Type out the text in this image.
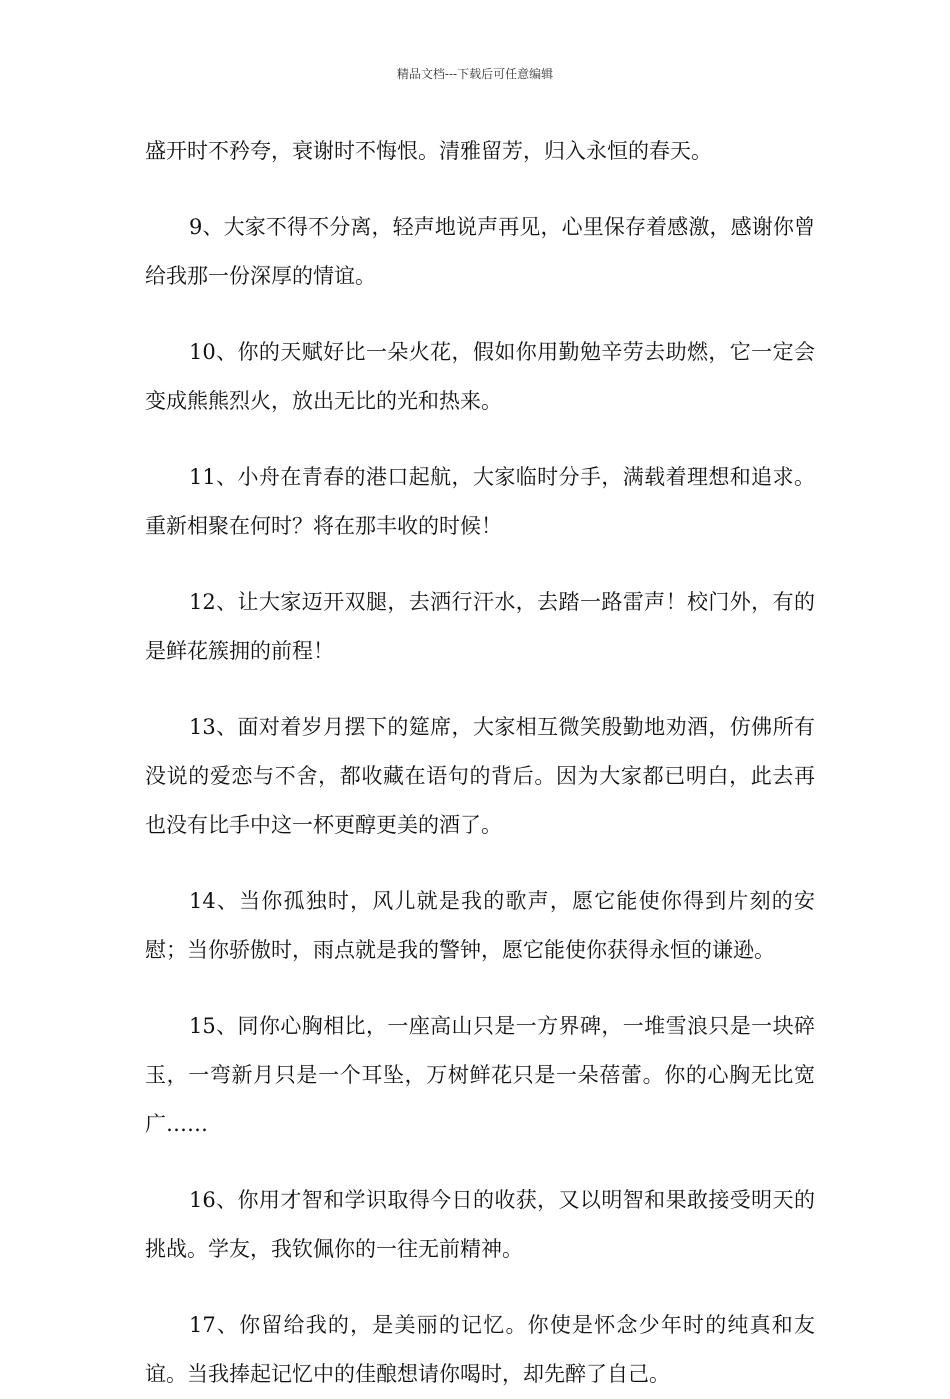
精品文档---下载后可任意编辑

盛开时不矜夸，衰谢时不悔恨。清雅留芳，归入永恒的春天。

9、大家不得不分离，轻声地说声再见，心里保存着感激，感谢你曾给我那一份深厚的情谊。

10、你的天赋好比一朵火花，假如你用勤勉辛劳去助燃，它一定会变成熊熊烈火，放出无比的光和热来。

11、小舟在青春的港口起航，大家临时分手，满载着理想和追求。重新相聚在何时？将在那丰收的时候！

12、让大家迈开双腿，去洒行汗水，去踏一路雷声！校门外，有的是鲜花簇拥的前程！

13、面对着岁月摆下的筵席，大家相互微笑殷勤地劝酒，仿佛所有没说的爱恋与不舍，都收藏在语句的背后。因为大家都已明白，此去再也没有比手中这一杯更醇更美的酒了。

14、当你孤独时，风儿就是我的歌声，愿它能使你得到片刻的安慰；当你骄傲时，雨点就是我的警钟，愿它能使你获得永恒的谦逊。

15、同你心胸相比，一座高山只是一方界碑，一堆雪浪只是一块碎玉，一弯新月只是一个耳坠，万树鲜花只是一朵蓓蕾。你的心胸无比宽广……

16、你用才智和学识取得今日的收获，又以明智和果敢接受明天的挑战。学友，我钦佩你的一往无前精神。

17、你留给我的，是美丽的记忆。你使是怀念少年时的纯真和友谊。当我捧起记忆中的佳酿想请你喝时，却先醉了自己。
